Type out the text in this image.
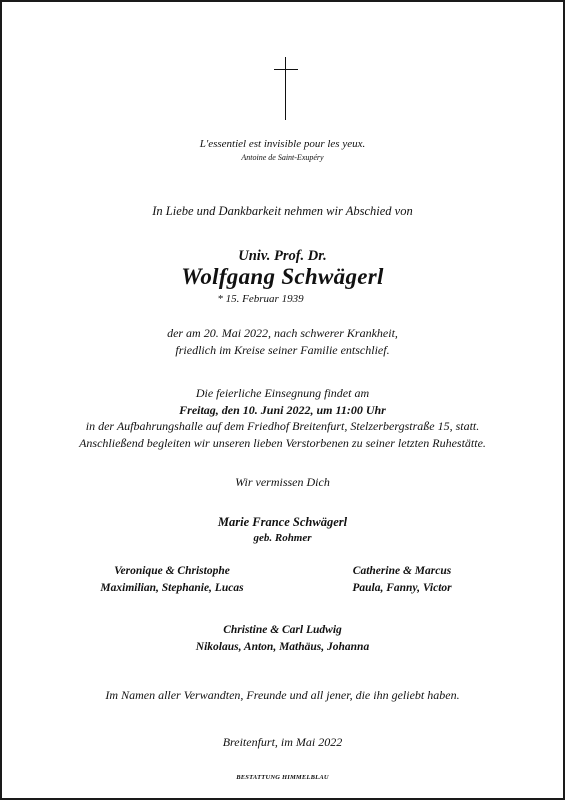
L'essentiel est invisible pour les yeux.
Antoine de Saint-Exupéry
In Liebe und Dankbarkeit nehmen wir Abschied von
Univ. Prof. Dr.
Wolfgang Schwägerl
* 15. Februar 1939
der am 20. Mai 2022, nach schwerer Krankheit,
friedlich im Kreise seiner Familie entschlief.
Die feierliche Einsegnung findet am
Freitag, den 10. Juni 2022, um 11:00 Uhr
in der Aufbahrungshalle auf dem Friedhof Breitenfurt, Stelzerbergstraße 15, statt.
Anschließend begleiten wir unseren lieben Verstorbenen zu seiner letzten Ruhestätte.
Wir vermissen Dich
Marie France Schwägerl
geb. Rohmer
Veronique & Christophe
Maximilian, Stephanie, Lucas
Catherine & Marcus
Paula, Fanny, Victor
Christine & Carl Ludwig
Nikolaus, Anton, Mathäus, Johanna
Im Namen aller Verwandten, Freunde und all jener, die ihn geliebt haben.
Breitenfurt, im Mai 2022
BESTATTUNG HIMMELBLAU
